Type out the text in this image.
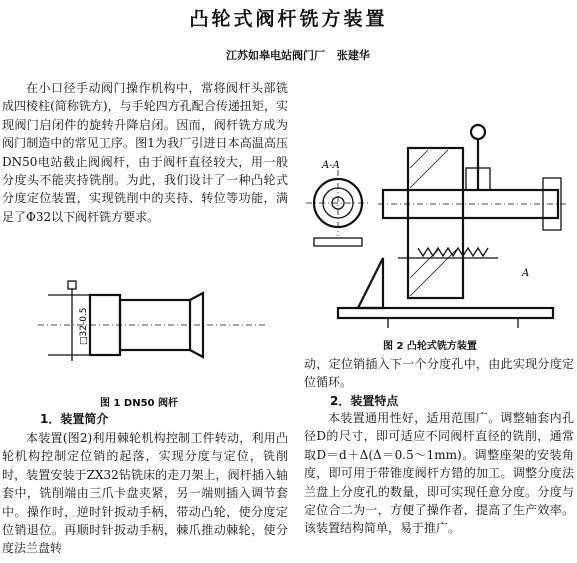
凸轮式阀杆铣方装置
江苏如皋电站阀门厂 张建华

在小口径手动阀门操作机构中，常将阀杆头部铣成四棱柱(简称铣方)，与手轮四方孔配合传递扭矩，实现阀门启闭件的旋转升降启闭。因而，阀杆铣方成为阀门制造中的常见工序。图1为我厂引进日本高温高压DN50电站截止阀阀杆，由于阀杆直径较大，用一般分度头不能夹持铣削。为此，我们设计了一种凸轮式分度定位装置，实现铣削中的夹持、转位等功能，满足了Φ32以下阀杆铣方要求。

□32-0.5
图 1 DN50 阀杆
1．装置简介

本装置(图2)利用棘轮机构控制工件转动，利用凸轮机构控制定位销的起落，实现分度与定位，铣削时，装置安装于ZX32钻铣床的走刀架上，阀杆插入轴套中，铣削端由三爪卡盘夹紧，另一端则插入调节套中。操作时，逆时针扳动手柄，带动凸轮，使分度定位销退位。再顺时针扳动手柄，棘爪推动棘轮，使分度法兰盘转

A-A
A
图 2 凸轮式铣方装置

动，定位销插入下一个分度孔中，由此实现分度定位循环。

2．装置特点

本装置通用性好，适用范围广。调整轴套内孔径D的尺寸，即可适应不同阀杆直径的铣削，通常取D＝d＋Δ(Δ＝0.5～1mm)。调整座架的安装角度，即可用于带锥度阀杆方错的加工。调整分度法兰盘上分度孔的数量，即可实现任意分度。分度与定位合二为一，方便了操作者，提高了生产效率。该装置结构简单，易于推广。
